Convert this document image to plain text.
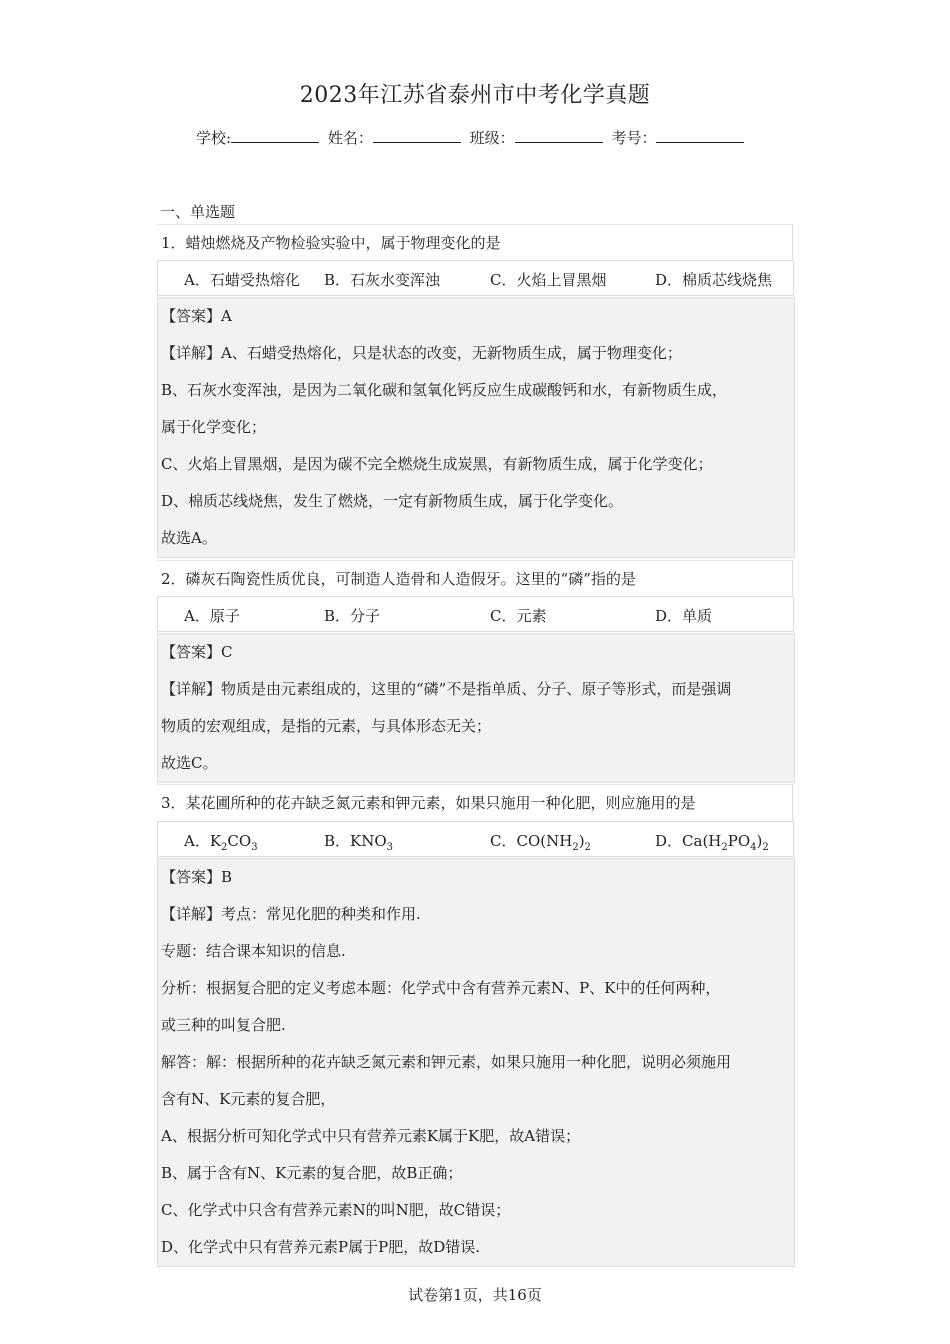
2023年江苏省泰州市中考化学真题
学校:	姓名：	班级：	考号：
一、单选题
1．蜡烛燃烧及产物检验实验中，属于物理变化的是
A．石蜡受热熔化 B．石灰水变浑浊	C．火焰上冒黑烟	D．棉质芯线烧焦

【答案】A

【详解】A、石蜡受热熔化，只是状态的改变，无新物质生成，属于物理变化；

B、石灰水变浑浊，是因为二氧化碳和氢氧化钙反应生成碳酸钙和水，有新物质生成，

属于化学变化；

C、火焰上冒黑烟，是因为碳不完全燃烧生成炭黑，有新物质生成，属于化学变化；

D、棉质芯线烧焦，发生了燃烧，一定有新物质生成，属于化学变化。

故选A。

2．磷灰石陶瓷性质优良，可制造人造骨和人造假牙。这里的“磷”指的是
A．原子	B．分子	C．元素	D．单质

【答案】C

【详解】物质是由元素组成的，这里的“磷”不是指单质、分子、原子等形式，而是强调

物质的宏观组成，是指的元素，与具体形态无关；

故选C。

3．某花圃所种的花卉缺乏氮元素和钾元素，如果只施用一种化肥，则应施用的是
A．$K_2CO_3$	B．$KNO_3$	C．$CO(NH_2)_2$	D．$Ca(H_2PO_4)_2$

【答案】B

【详解】考点：常见化肥的种类和作用.

专题：结合课本知识的信息.

分析：根据复合肥的定义考虑本题：化学式中含有营养元素N、P、K中的任何两种，

或三种的叫复合肥.

解答：解：根据所种的花卉缺乏氮元素和钾元素，如果只施用一种化肥，说明必须施用

含有N、K元素的复合肥，

A、根据分析可知化学式中只有营养元素K属于K肥，故A错误；

B、属于含有N、K元素的复合肥，故B正确；

C、化学式中只含有营养元素N的叫N肥，故C错误；

D、化学式中只有营养元素P属于P肥，故D错误.

试卷第1页，共16页
